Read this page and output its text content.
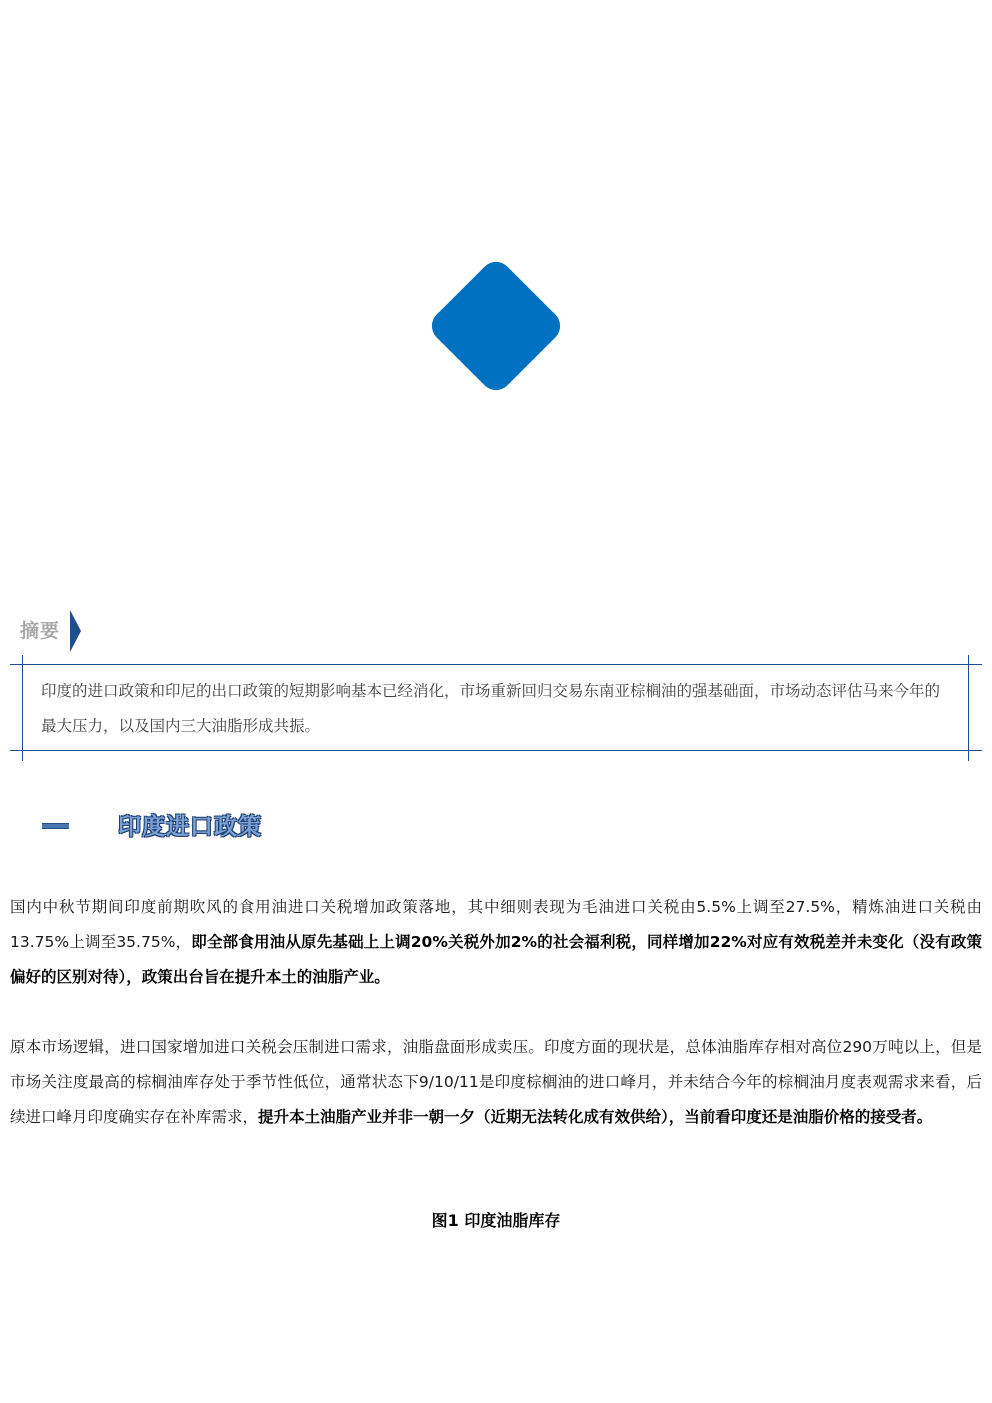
摘要
印度的进口政策和印尼的出口政策的短期影响基本已经消化，市场重新回归交易东南亚棕榈油的强基础面，市场动态评估马来今年的最大压力，以及国内三大油脂形成共振。
印度进口政策
国内中秋节期间印度前期吹风的食用油进口关税增加政策落地，其中细则表现为毛油进口关税由5.5%上调至27.5%，精炼油进口关税由13.75%上调至35.75%，即全部食用油从原先基础上上调20%关税外加2%的社会福利税，同样增加22%对应有效税差并未变化（没有政策偏好的区别对待），政策出台旨在提升本土的油脂产业。
原本市场逻辑，进口国家增加进口关税会压制进口需求，油脂盘面形成卖压。印度方面的现状是，总体油脂库存相对高位290万吨以上，但是市场关注度最高的棕榈油库存处于季节性低位，通常状态下9/10/11是印度棕榈油的进口峰月，并未结合今年的棕榈油月度表观需求来看，后续进口峰月印度确实存在补库需求，提升本土油脂产业并非一朝一夕（近期无法转化成有效供给），当前看印度还是油脂价格的接受者。
图1 印度油脂库存
